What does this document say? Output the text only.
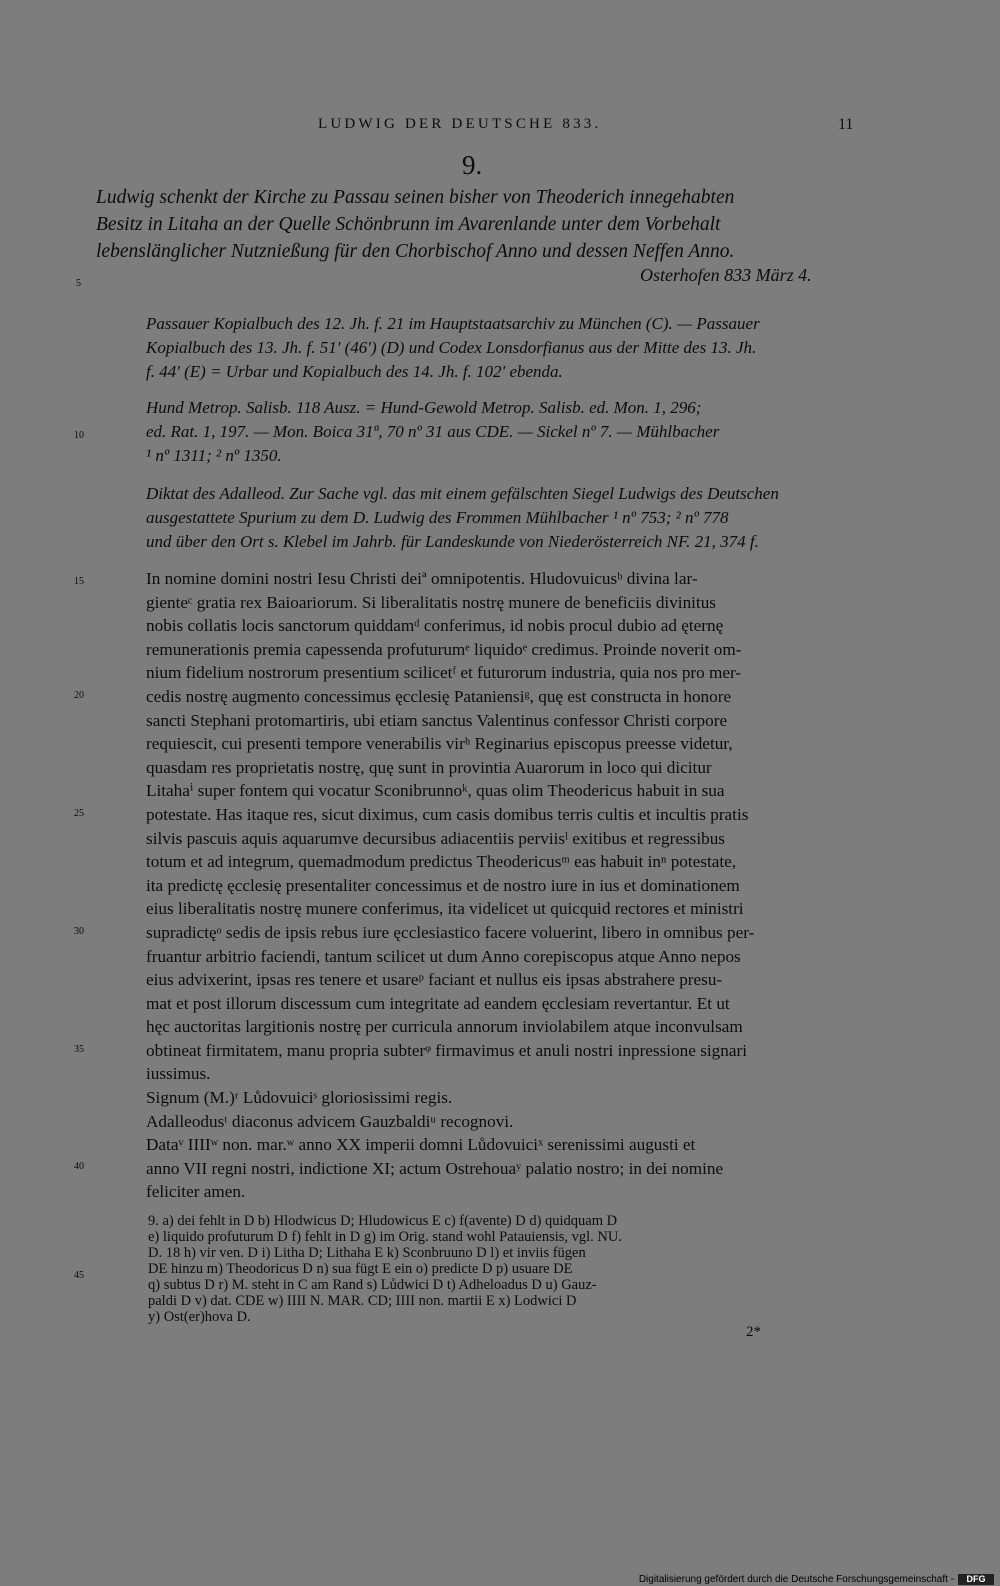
LUDWIG DER DEUTSCHE 833.	11
9.
Ludwig schenkt der Kirche zu Passau seinen bisher von Theoderich innegehabten
Besitz in Litaha an der Quelle Schönbrunn im Avarenlande unter dem Vorbehalt
lebenslänglicher Nutznießung für den Chorbischof Anno und dessen Neffen Anno.
Osterhofen 833 März 4.
Passauer Kopialbuch des 12. Jh. f. 21 im Hauptstaatsarchiv zu München (C). — Passauer
Kopialbuch des 13. Jh. f. 51' (46') (D) und Codex Lonsdorfianus aus der Mitte des 13. Jh.
f. 44' (E) = Urbar und Kopialbuch des 14. Jh. f. 102' ebenda.
Hund Metrop. Salisb. 118 Ausz. = Hund-Gewold Metrop. Salisb. ed. Mon. 1, 296;
ed. Rat. 1, 197. — Mon. Boica 31ª, 70 nº 31 aus CDE. — Sickel nº 7. — Mühlbacher
¹ nº 1311; ² nº 1350.
Diktat des Adalleod. Zur Sache vgl. das mit einem gefälschten Siegel Ludwigs des Deutschen
ausgestattete Spurium zu dem D. Ludwig des Frommen Mühlbacher ¹ nº 753; ² nº 778
und über den Ort s. Klebel im Jahrb. für Landeskunde von Niederösterreich NF. 21, 374 f.
In nomine domini nostri Iesu Christi deiª omnipotentis. Hludovuicusᵇ divina lar-
gienteᶜ gratia rex Baioariorum. Si liberalitatis nostrę munere de beneficiis divinitus
nobis collatis locis sanctorum quiddamᵈ conferimus, id nobis procul dubio ad ęternę
remunerationis premia capessenda profuturumᵉ liquidoᵉ credimus. Proinde noverit om-
nium fidelium nostrorum presentium scilicetᶠ et futurorum industria, quia nos pro mer-
cedis nostrę augmento concessimus ęcclesię Pataniensiᵍ, quę est constructa in honore
sancti Stephani protomartiris, ubi etiam sanctus Valentinus confessor Christi corpore
requiescit, cui presenti tempore venerabilis virʰ Reginarius episcopus preesse videtur,
quasdam res proprietatis nostrę, quę sunt in provintia Auarorum in loco qui dicitur
Litahaⁱ super fontem qui vocatur Sconibrunnoᵏ, quas olim Theodericus habuit in sua
potestate. Has itaque res, sicut diximus, cum casis domibus terris cultis et incultis pratis
silvis pascuis aquis aquarumve decursibus adiacentiis perviisˡ exitibus et regressibus
totum et ad integrum, quemadmodum predictus Theodericusᵐ eas habuit inⁿ potestate,
ita predictę ęcclesię presentaliter concessimus et de nostro iure in ius et dominationem
eius liberalitatis nostrę munere conferimus, ita videlicet ut quicquid rectores et ministri
supradictęᵒ sedis de ipsis rebus iure ęcclesiastico facere voluerint, libero in omnibus per-
fruantur arbitrio faciendi, tantum scilicet ut dum Anno corepiscopus atque Anno nepos
eius advixerint, ipsas res tenere et usareᵖ faciant et nullus eis ipsas abstrahere presu-
mat et post illorum discessum cum integritate ad eandem ęcclesiam revertantur. Et ut
hęc auctoritas largitionis nostrę per curricula annorum inviolabilem atque inconvulsam
obtineat firmitatem, manu propria subterᵠ firmavimus et anuli nostri inpressione signari
iussimus.
Signum (M.)ʳ Lůdovuiciˢ gloriosissimi regis.
Adalleodusᵗ diaconus advicem Gauzbaldiᵘ recognovi.
Dataᵛ IIIIʷ non. mar.ʷ anno XX imperii domni Lůdovuiciˣ serenissimi augusti et
anno VII regni nostri, indictione XI; actum Ostrehouaʸ palatio nostro; in dei nomine
feliciter amen.
9. a) dei fehlt in D b) Hlodwicus D; Hludowicus E c) f(avente) D d) quidquam D
e) liquido profuturum D f) fehlt in D g) im Orig. stand wohl Patauiensis, vgl. NU.
D. 18 h) vir ven. D i) Litha D; Lithaha E k) Sconbruuno D l) et inviis fügen
DE hinzu m) Theodoricus D n) sua fügt E ein o) predicte D p) usuare DE
q) subtus D r) M. steht in C am Rand s) Lůdwici D t) Adheloadus D u) Gauz-
paldi D v) dat. CDE w) IIII N. MAR. CD; IIII non. martii E x) Lodwici D
y) Ost(er)hova D.
2*
5
10
15
20
25
30
35
40
45
Digitalisierung gefördert durch die Deutsche Forschungsgemeinschaft -	DFG
